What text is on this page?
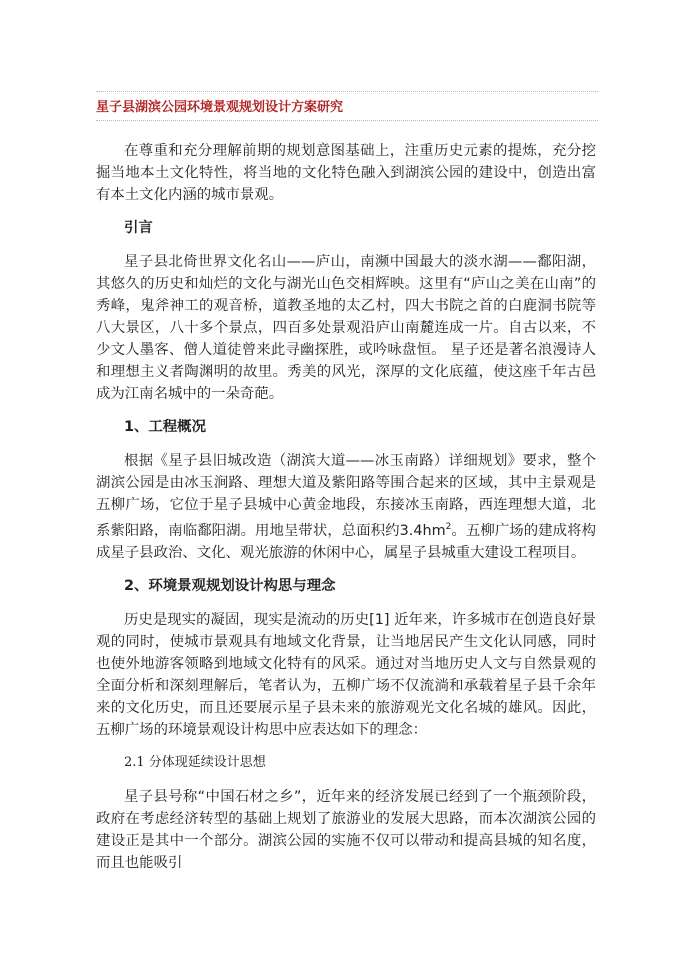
星子县湖滨公园环境景观规划设计方案研究

在尊重和充分理解前期的规划意图基础上，注重历史元素的提炼，充分挖掘当地本土文化特性，将当地的文化特色融入到湖滨公园的建设中，创造出富有本土文化内涵的城市景观。

引言

星子县北倚世界文化名山——庐山，南濒中国最大的淡水湖——鄱阳湖，其悠久的历史和灿烂的文化与湖光山色交相辉映。这里有“庐山之美在山南”的秀峰，鬼斧神工的观音桥，道教圣地的太乙村，四大书院之首的白鹿洞书院等八大景区，八十多个景点，四百多处景观沿庐山南麓连成一片。自古以来，不少文人墨客、僧人道徒曾来此寻幽探胜，或吟咏盘恒。 星子还是著名浪漫诗人和理想主义者陶渊明的故里。秀美的风光，深厚的文化底蕴，使这座千年古邑成为江南名城中的一朵奇葩。

1、工程概况

根据《星子县旧城改造（湖滨大道——冰玉南路）详细规划》要求，整个湖滨公园是由冰玉涧路、理想大道及紫阳路等围合起来的区域，其中主景观是五柳广场，它位于星子县城中心黄金地段，东接冰玉南路，西连理想大道，北系紫阳路，南临鄱阳湖。用地呈带状，总面积约$3.4hm^2$。五柳广场的建成将构成星子县政治、文化、观光旅游的休闲中心，属星子县城重大建设工程项目。

2、环境景观规划设计构思与理念

历史是现实的凝固，现实是流动的历史[1] 近年来，许多城市在创造良好景观的同时，使城市景观具有地域文化背景，让当地居民产生文化认同感，同时也使外地游客领略到地域文化特有的风采。通过对当地历史人文与自然景观的全面分析和深刻理解后，笔者认为，五柳广场不仅流淌和承载着星子县千余年来的文化历史，而且还要展示星子县未来的旅游观光文化名城的雄风。因此，五柳广场的环境景观设计构思中应表达如下的理念：

2.1 分体现延续设计思想

星子县号称“中国石材之乡”，近年来的经济发展已经到了一个瓶颈阶段，政府在考虑经济转型的基础上规划了旅游业的发展大思路，而本次湖滨公园的建设正是其中一个部分。湖滨公园的实施不仅可以带动和提高县城的知名度，而且也能吸引
